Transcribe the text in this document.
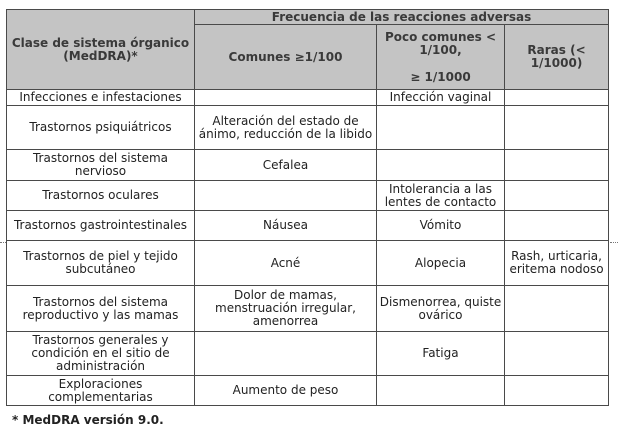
Clase de sistema órganico (MedDRA)*	Frecuencia de las reacciones adversas		
	Comunes ≥1/100	Poco comunes <
1/100,
≥ 1/1000	Raras (< 1/1000)
Infecciones e infestaciones		Infección vaginal	
Trastornos psiquiátricos	Alteración del estado de ánimo, reducción de la libido		
Trastornos del sistema nervioso	Cefalea		
Trastornos oculares		Intolerancia a las lentes de contacto	
Trastornos gastrointestinales	Náusea	Vómito	
Trastornos de piel y tejido subcutáneo	Acné	Alopecia	Rash, urticaria, eritema nodoso
Trastornos del sistema reproductivo y las mamas	Dolor de mamas, menstruación irregular, amenorrea	Dismenorrea, quiste ovárico	
Trastornos generales y condición en el sitio de administración		Fatiga	
Exploraciones complementarias	Aumento de peso		
* MedDRA versión 9.0.
